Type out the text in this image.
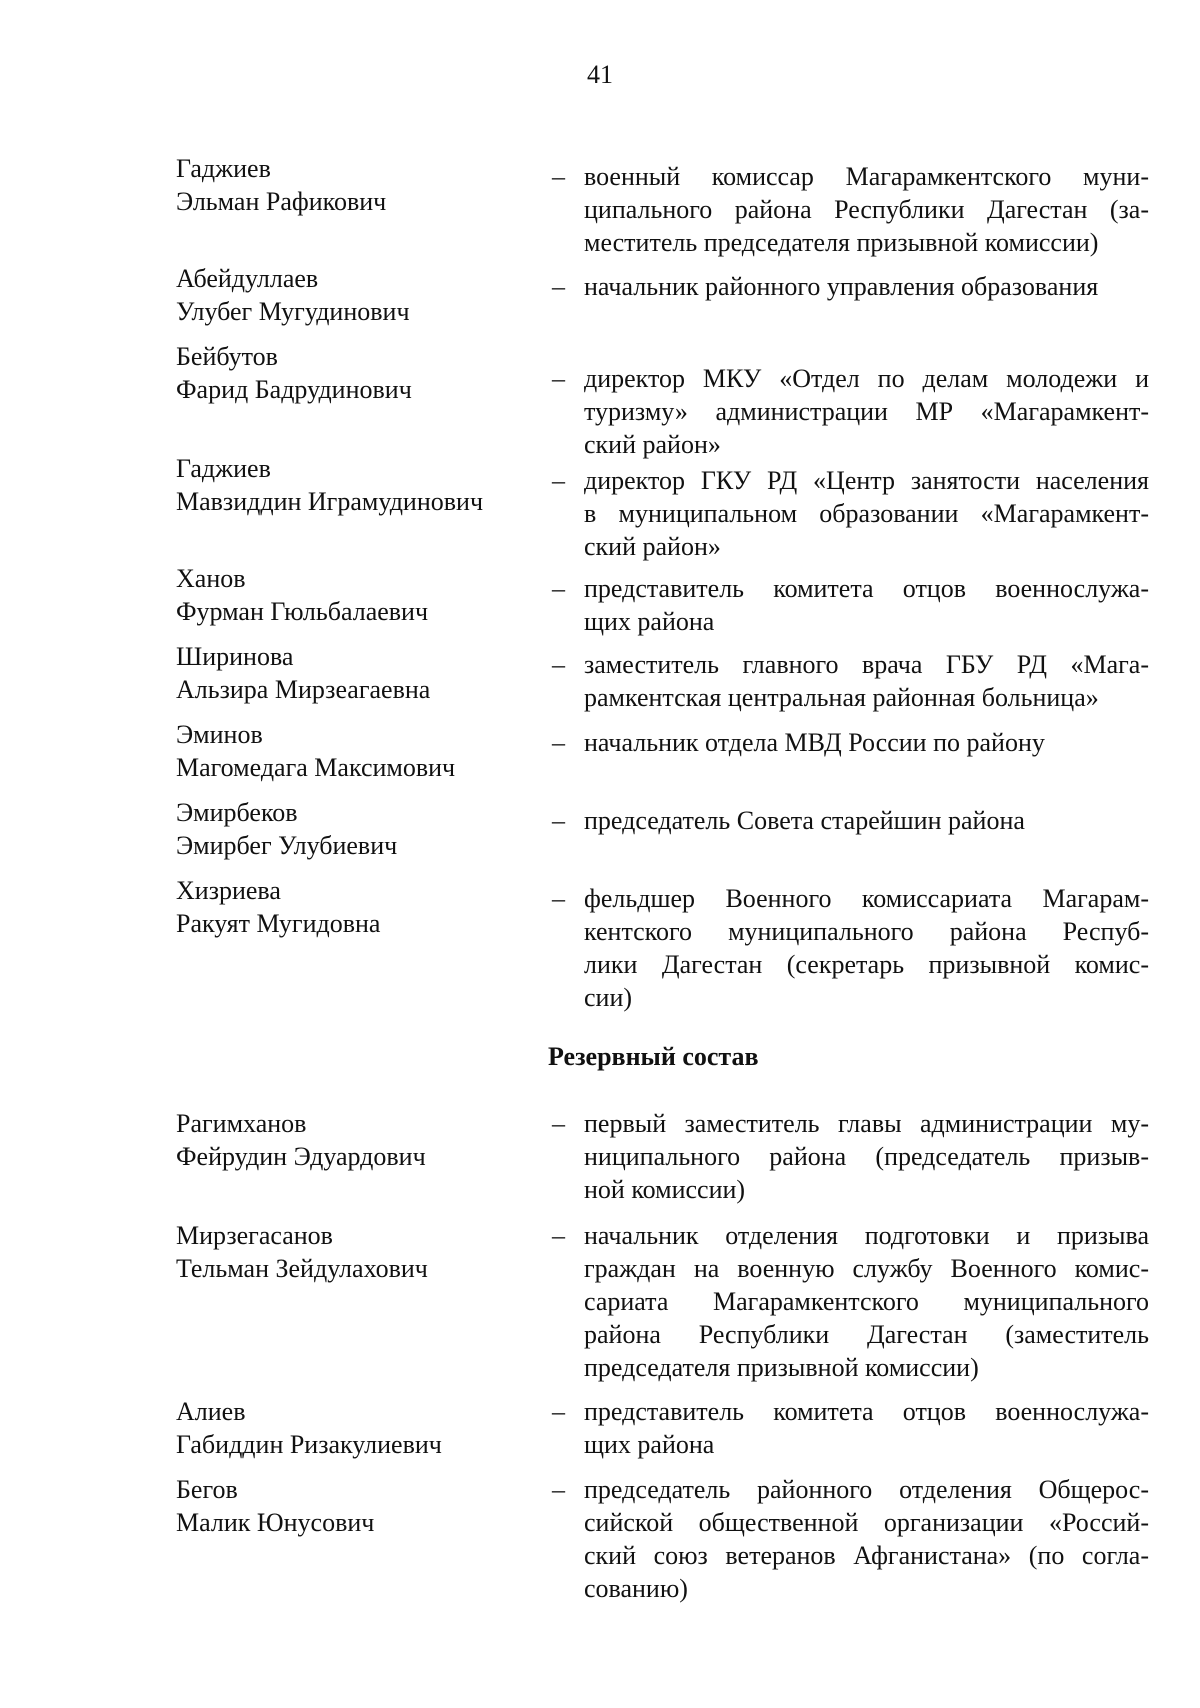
41
Гаджиев
Эльман Рафикович
– военный комиссар Магарамкентского муни-
ципального района Республики Дагестан (за-
меститель председателя призывной комиссии)
Абейдуллаев
Улубег Мугудинович
– начальник районного управления образования
Бейбутов
Фарид Бадрудинович	– директор МКУ «Отдел по делам молодежи и
туризму» администрации МР «Магарамкент-
ский район»
Гаджиев
Мавзиддин Играмудинович
– директор ГКУ РД «Центр занятости населения
в муниципальном образовании «Магарамкент-
ский район»
Ханов
Фурман Гюльбалаевич
– представитель комитета отцов военнослужа-
щих района
Ширинова
Альзира Мирзеагаевна
– заместитель главного врача ГБУ РД «Мага-
рамкентская центральная районная больница»
Эминов
Магомедага Максимович
– начальник отдела МВД России по району
Эмирбеков
Эмирбег Улубиевич
– председатель Совета старейшин района
Хизриева
Ракуят Мугидовна
– фельдшер Военного комиссариата Магарам-
кентского муниципального района Респуб-
лики Дагестан (секретарь призывной комис-
сии)
Резервный состав
Рагимханов
Фейрудин Эдуардович
– первый заместитель главы администрации му-
ниципального района (председатель призыв-
ной комиссии)
Мирзегасанов
Тельман Зейдулахович
– начальник отделения подготовки и призыва
граждан на военную службу Военного комис-
сариата Магарамкентского муниципального
района Республики Дагестан (заместитель
председателя призывной комиссии)
Алиев
Габиддин Ризакулиевич
– представитель комитета отцов военнослужа-
щих района
Бегов
Малик Юнусович
– председатель районного отделения Общерос-
сийской общественной организации «Россий-
ский союз ветеранов Афганистана» (по согла-
сованию)
